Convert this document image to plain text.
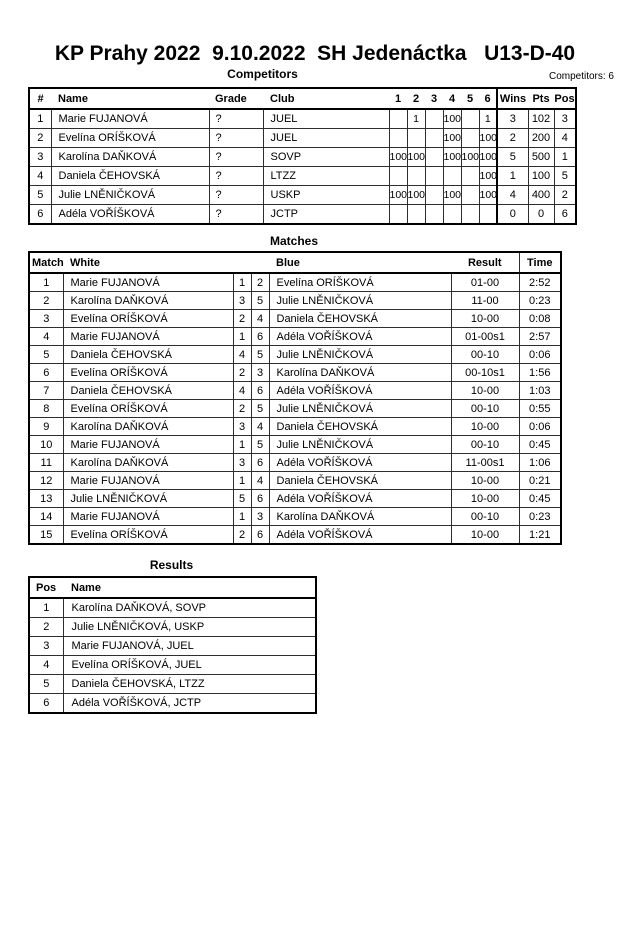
KP Prahy 2022  9.10.2022  SH Jedenáctka   U13-D-40
Competitors	Competitors: 6
#	Name	Grade	Club	1	2	3	4	5	6	Wins	Pts	Pos
1	Marie FUJANOVÁ	?	JUEL		1		100		1	3	102	3
2	Evelína ORÍŠKOVÁ	?	JUEL				100		100	2	200	4
3	Karolína DAŇKOVÁ	?	SOVP	100	100		100	100	100	5	500	1
4	Daniela ČEHOVSKÁ	?	LTZZ						100	1	100	5
5	Julie LNĚNIČKOVÁ	?	USKP	100	100		100		100	4	400	2
6	Adéla VOŘÍŠKOVÁ	?	JCTP							0	0	6
Matches
Match	White			Blue	Result	Time
1	Marie FUJANOVÁ	1	2	Evelína ORÍŠKOVÁ	01-00	2:52
2	Karolína DAŇKOVÁ	3	5	Julie LNĚNIČKOVÁ	11-00	0:23
3	Evelína ORÍŠKOVÁ	2	4	Daniela ČEHOVSKÁ	10-00	0:08
4	Marie FUJANOVÁ	1	6	Adéla VOŘÍŠKOVÁ	01-00s1	2:57
5	Daniela ČEHOVSKÁ	4	5	Julie LNĚNIČKOVÁ	00-10	0:06
6	Evelína ORÍŠKOVÁ	2	3	Karolína DAŇKOVÁ	00-10s1	1:56
7	Daniela ČEHOVSKÁ	4	6	Adéla VOŘÍŠKOVÁ	10-00	1:03
8	Evelína ORÍŠKOVÁ	2	5	Julie LNĚNIČKOVÁ	00-10	0:55
9	Karolína DAŇKOVÁ	3	4	Daniela ČEHOVSKÁ	10-00	0:06
10	Marie FUJANOVÁ	1	5	Julie LNĚNIČKOVÁ	00-10	0:45
11	Karolína DAŇKOVÁ	3	6	Adéla VOŘÍŠKOVÁ	11-00s1	1:06
12	Marie FUJANOVÁ	1	4	Daniela ČEHOVSKÁ	10-00	0:21
13	Julie LNĚNIČKOVÁ	5	6	Adéla VOŘÍŠKOVÁ	10-00	0:45
14	Marie FUJANOVÁ	1	3	Karolína DAŇKOVÁ	00-10	0:23
15	Evelína ORÍŠKOVÁ	2	6	Adéla VOŘÍŠKOVÁ	10-00	1:21
Results
Pos	Name
1	Karolína DAŇKOVÁ, SOVP
2	Julie LNĚNIČKOVÁ, USKP
3	Marie FUJANOVÁ, JUEL
4	Evelína ORÍŠKOVÁ, JUEL
5	Daniela ČEHOVSKÁ, LTZZ
6	Adéla VOŘÍŠKOVÁ, JCTP
